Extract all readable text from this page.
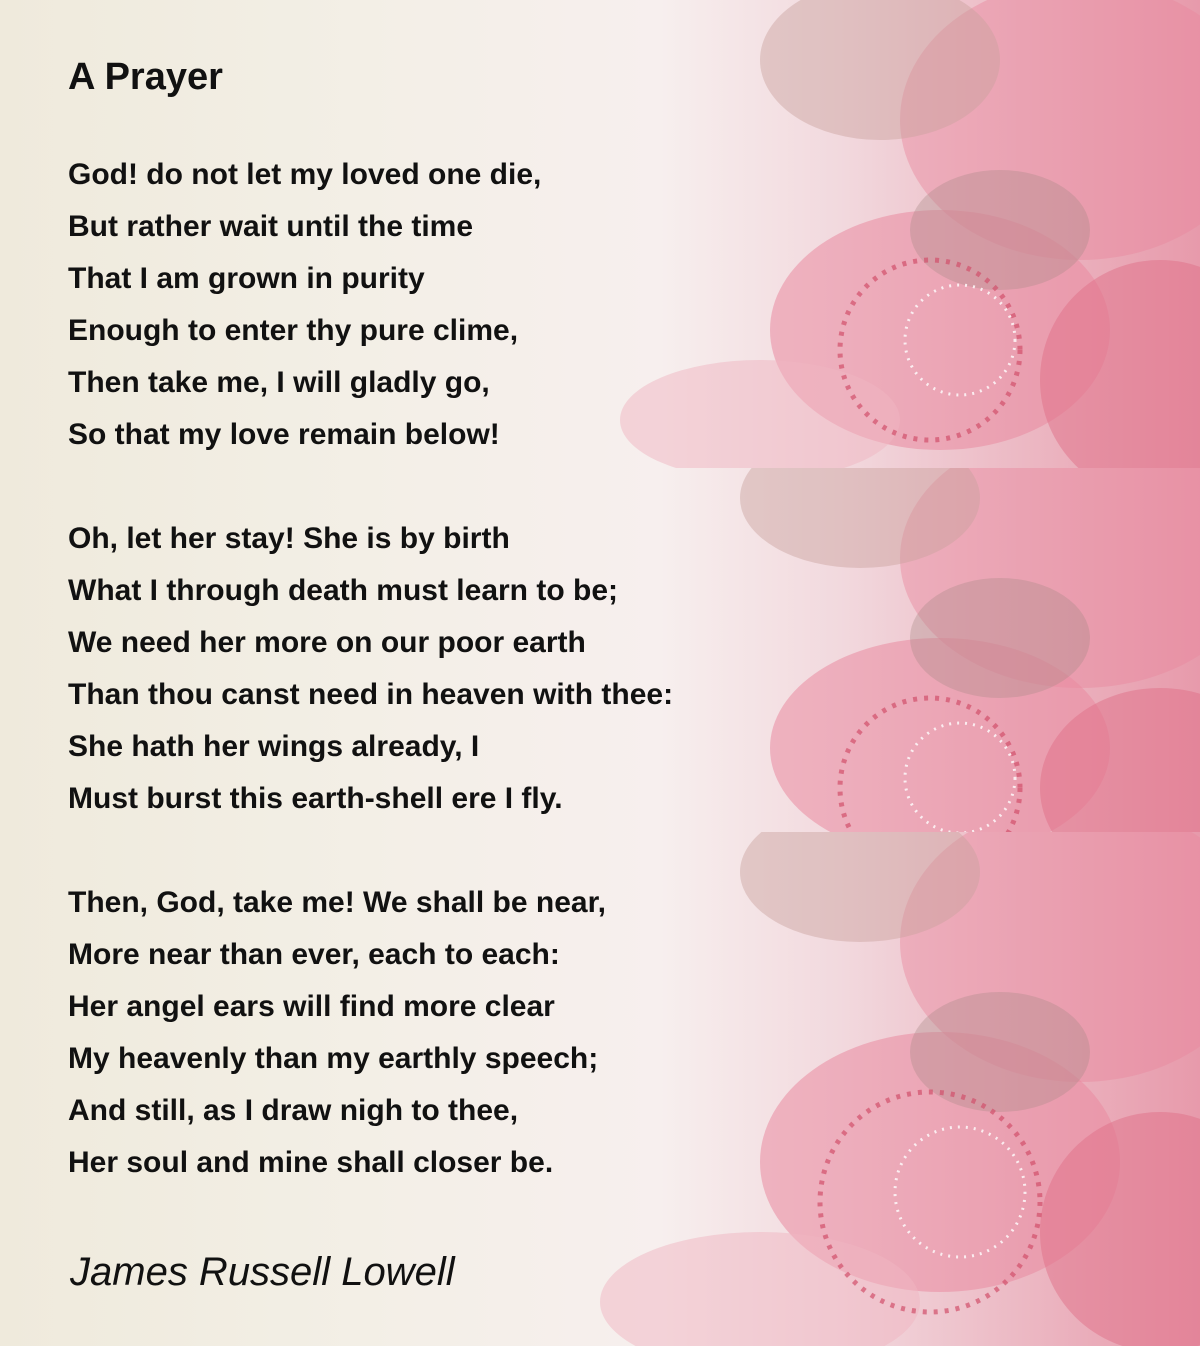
A Prayer

God! do not let my loved one die,

But rather wait until the time

That I am grown in purity

Enough to enter thy pure clime,

Then take me, I will gladly go,

So that my love remain below!

Oh, let her stay! She is by birth

What I through death must learn to be;

We need her more on our poor earth

Than thou canst need in heaven with thee:

She hath her wings already, I

Must burst this earth-shell ere I fly.

Then, God, take me! We shall be near,

More near than ever, each to each:

Her angel ears will find more clear

My heavenly than my earthly speech;

And still, as I draw nigh to thee,

Her soul and mine shall closer be.

James Russell Lowell
